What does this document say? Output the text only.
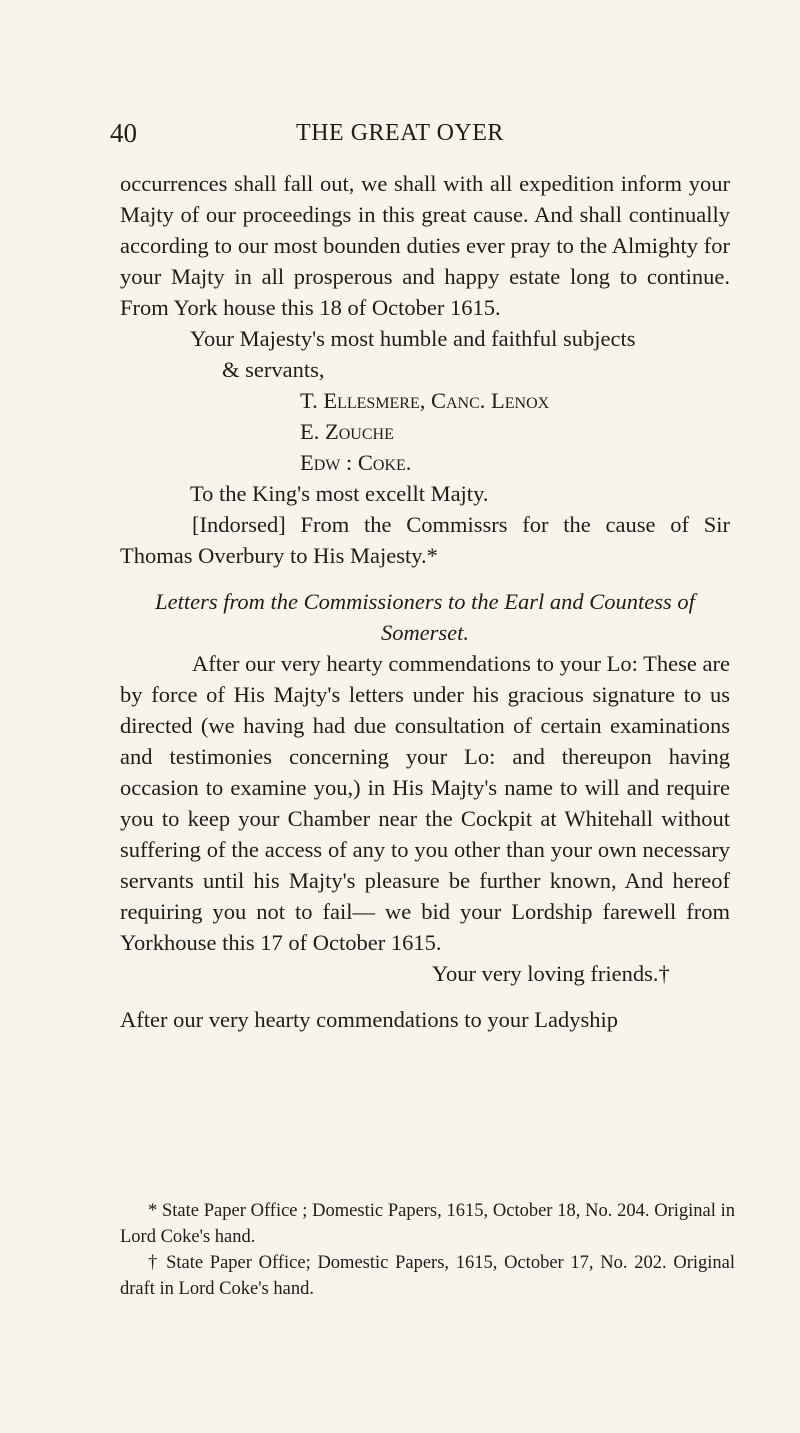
40	THE GREAT OYER

occurrences shall fall out, we shall with all expedition inform your Majty of our proceedings in this great cause. And shall continually according to our most bounden duties ever pray to the Almighty for your Majty in all prosperous and happy estate long to continue. From York house this 18 of October 1615.

Your Majesty's most humble and faithful subjects
& servants,
T. Ellesmere, Canc. Lenox
E. Zouche
Edw : Coke.
To the King's most excellt Majty.

[Indorsed] From the Commissrs for the cause of Sir Thomas Overbury to His Majesty.*

Letters from the Commissioners to the Earl and Countess of
Somerset.

After our very hearty commendations to your Lo: These are by force of His Majty's letters under his gracious signature to us directed (we having had due consultation of certain examinations and testimonies concerning your Lo: and thereupon having occasion to examine you,) in His Majty's name to will and require you to keep your Chamber near the Cockpit at Whitehall without suffering of the access of any to you other than your own necessary servants until his Majty's pleasure be further known, And hereof requiring you not to fail— we bid your Lordship farewell from Yorkhouse this 17 of October 1615.

Your very loving friends.†

After our very hearty commendations to your Ladyship

* State Paper Office ; Domestic Papers, 1615, October 18, No. 204. Original in Lord Coke's hand.

† State Paper Office; Domestic Papers, 1615, October 17, No. 202. Original draft in Lord Coke's hand.
